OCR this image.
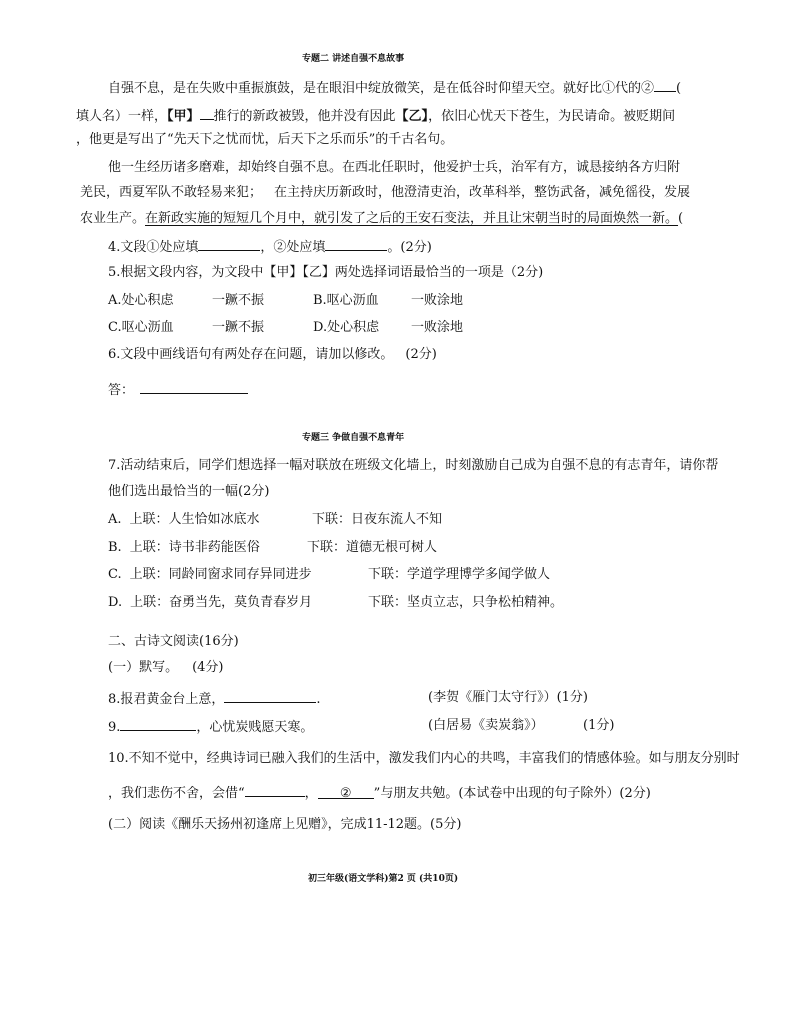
专题二 讲述自强不息故事
自强不息，是在失败中重振旗鼓，是在眼泪中绽放微笑，是在低谷时仰望天空。就好比①代的② (
填人名）一样，【甲】 推行的新政被毁，他并没有因此【乙】，依旧心忧天下苍生，为民请命。被贬期间
，他更是写出了“先天下之忧而忧，后天下之乐而乐”的千古名句。
他一生经历诸多磨难，却始终自强不息。在西北任职时，他爱护士兵，治军有方，诚恳接纳各方归附
羌民，西夏军队不敢轻易来犯； 在主持庆历新政时，他澄清吏治，改革科举，整饬武备，减免徭役，发展
农业生产。在新政实施的短短几个月中，就引发了之后的王安石变法，并且让宋朝当时的局面焕然一新。(
4.文段①处应填	，②处应填	。(2分)
5.根据文段内容，为文段中【甲】【乙】两处选择词语最恰当的一项是（2分)
A.处心积虑	一蹶不振	B.呕心沥血 一败涂地
C.呕心沥血	一蹶不振	D.处心积虑 一败涂地
6.文段中画线语句有两处存在问题，请加以修改。 (2分)
答：
专题三 争做自强不息青年
7.活动结束后，同学们想选择一幅对联放在班级文化墙上，时刻激励自己成为自强不息的有志青年，请你帮
他们选出最恰当的一幅(2分)
A. 上联：人生恰如冰底水	下联：日夜东流人不知
B. 上联：诗书非药能医俗	下联：道德无根可树人
C. 上联：同龄同窗求同存异同进步	下联：学道学理博学多闻学做人
D. 上联：奋勇当先，莫负青春岁月	下联：坚贞立志，只争松柏精神。
二、古诗文阅读(16分)
(一）默写。 (4分)
8.报君黄金台上意，	.	(李贺《雁门太守行》）(1分)
9.	，心忧炭贱愿天寒。	(白居易《卖炭翁》）	(1分)
10.不知不觉中，经典诗词已融入我们的生活中，激发我们内心的共鸣，丰富我们的情感体验。如与朋友分别时
，我们悲伤不舍，会借“	， ② ”与朋友共勉。(本试卷中出现的句子除外）(2分)
(二）阅读《酬乐天扬州初逢席上见赠》，完成11-12题。(5分)
初三年级(语文学科)第2 页 (共10页)
